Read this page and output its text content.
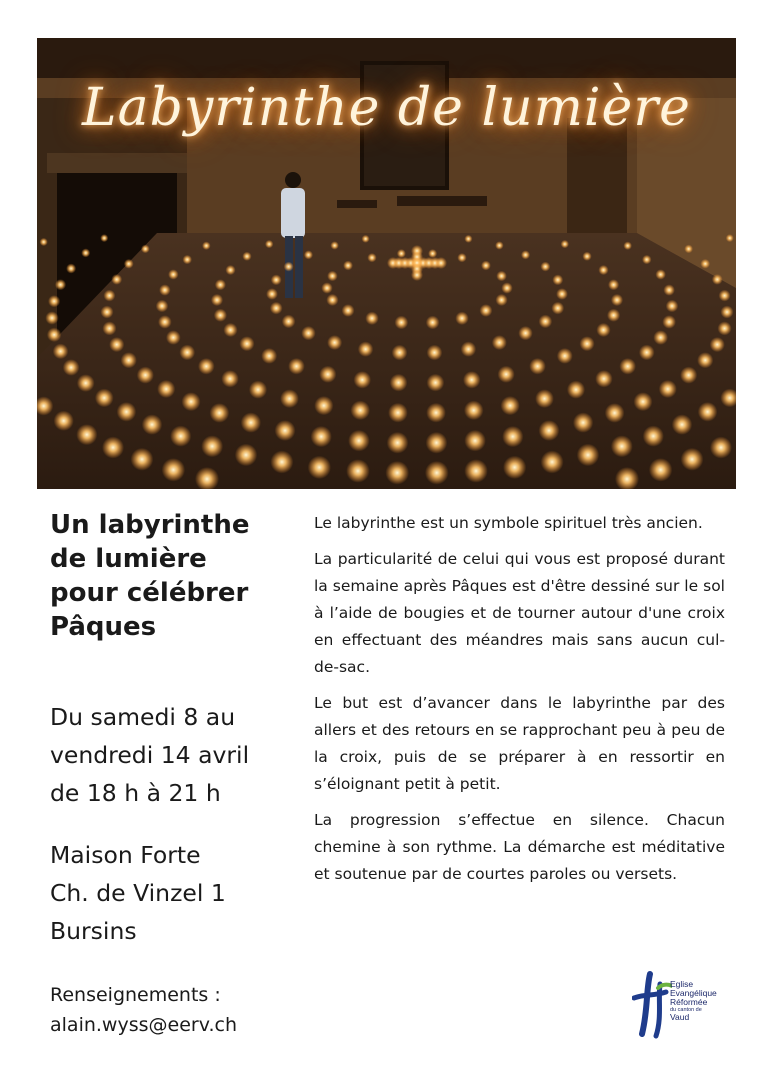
Labyrinthe de lumière
Un labyrinthe
de lumière
pour célébrer
Pâques

Du samedi 8 au
vendredi 14 avril
de 18 h à 21 h

Maison Forte
Ch. de Vinzel 1
Bursins

Renseignements :
alain.wyss@eerv.ch

Le labyrinthe est un symbole spirituel très ancien.

La particularité de celui qui vous est proposé durant la semaine après Pâques est d'être dessiné sur le sol à l’aide de bougies et de tourner autour d'une croix en effectuant des méandres mais sans aucun cul-de-sac.

Le but est d’avancer dans le labyrinthe par des allers et des retours en se rapprochant peu à peu de la croix, puis de se préparer à en ressortir en s’éloignant petit à petit.

La progression s’effectue en silence. Chacun chemine à son rythme. La démarche est méditative et soutenue par de courtes paroles ou versets.

Eglise
Evangélique
Réformée

du canton de
Vaud
